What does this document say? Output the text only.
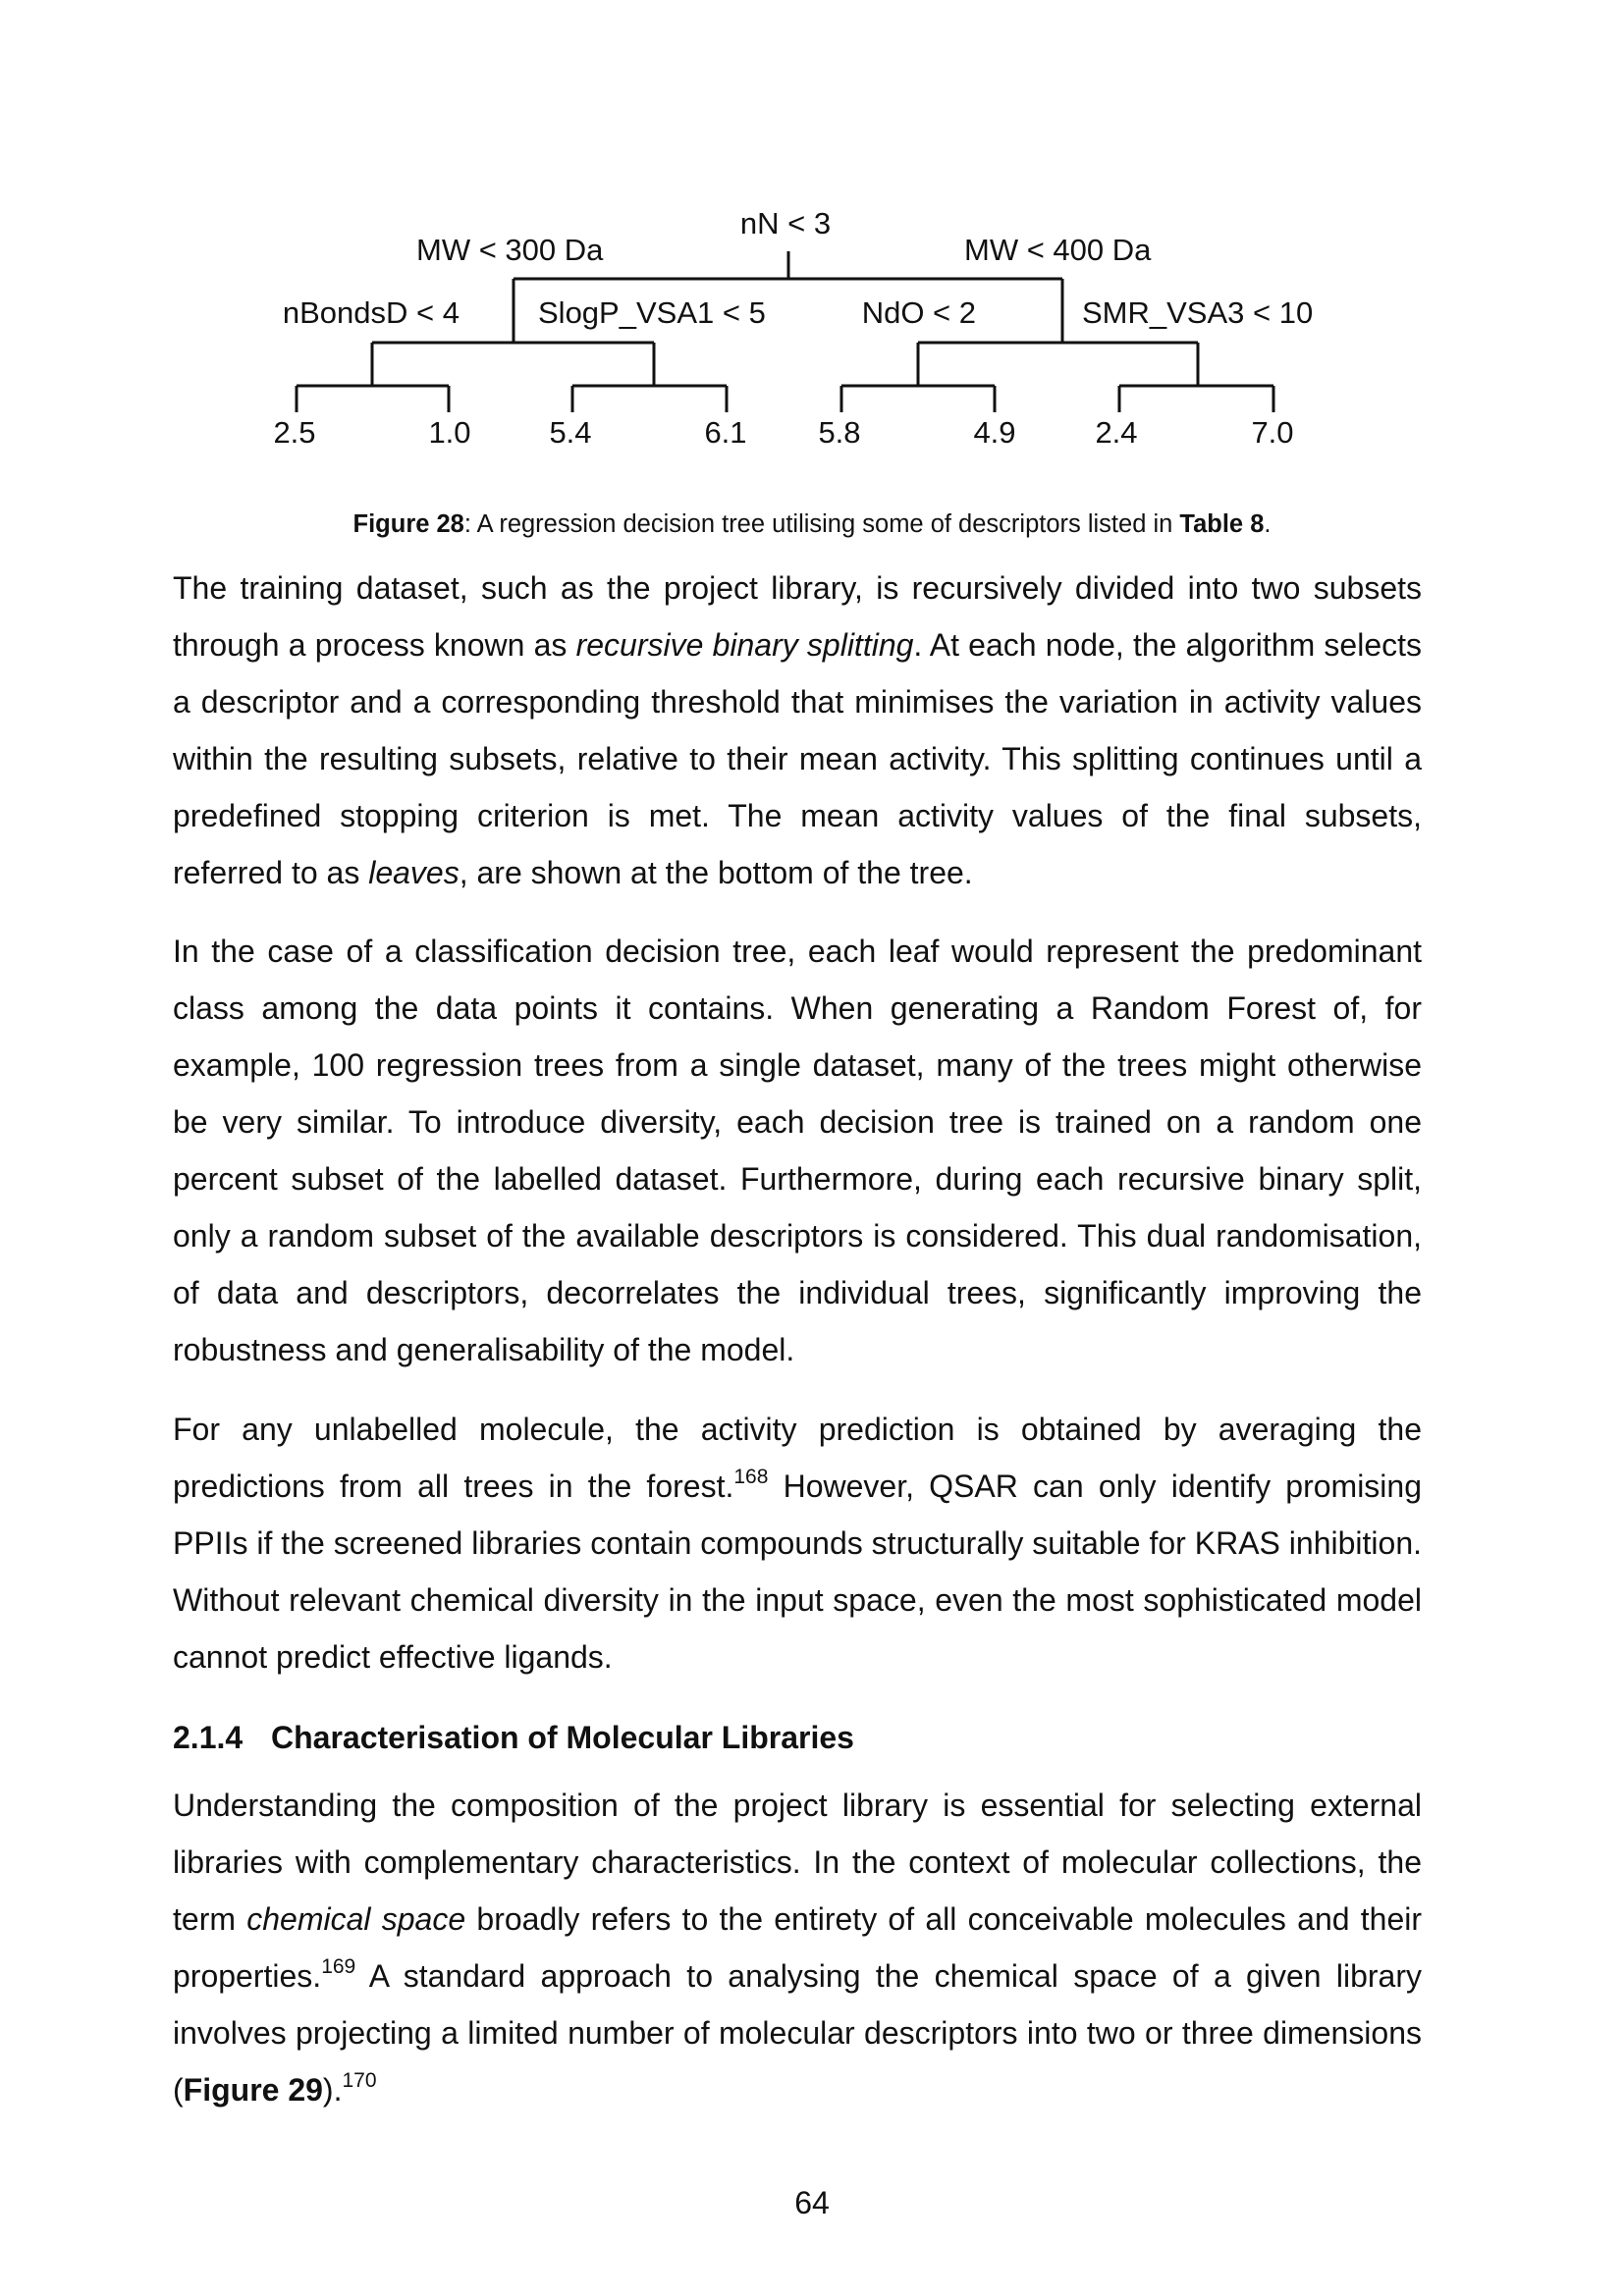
nN < 3
MW < 300 Da	MW < 400 Da
nBondsD < 4	SlogP_VSA1 < 5	NdO < 2	SMR_VSA3 < 10
2.5	1.0	5.4	6.1 5.8	4.9	2.4	7.0
Figure 28: A regression decision tree utilising some of descriptors listed in Table 8.

The training dataset, such as the project library, is recursively divided into two subsets through a process known as recursive binary splitting. At each node, the algorithm selects a descriptor and a corresponding threshold that minimises the variation in activity values within the resulting subsets, relative to their mean activity. This splitting continues until a predefined stopping criterion is met. The mean activity values of the final subsets, referred to as leaves, are shown at the bottom of the tree.

In the case of a classification decision tree, each leaf would represent the predominant class among the data points it contains. When generating a Random Forest of, for example, 100 regression trees from a single dataset, many of the trees might otherwise be very similar. To introduce diversity, each decision tree is trained on a random one percent subset of the labelled dataset. Furthermore, during each recursive binary split, only a random subset of the available descriptors is considered. This dual randomisation, of data and descriptors, decorrelates the individual trees, significantly improving the robustness and generalisability of the model.

For any unlabelled molecule, the activity prediction is obtained by averaging the predictions from all trees in the forest.$^{168}$ However, QSAR can only identify promising PPIIs if the screened libraries contain compounds structurally suitable for KRAS inhibition. Without relevant chemical diversity in the input space, even the most sophisticated model cannot predict effective ligands.

2.1.4 Characterisation of Molecular Libraries

Understanding the composition of the project library is essential for selecting external libraries with complementary characteristics. In the context of molecular collections, the term chemical space broadly refers to the entirety of all conceivable molecules and their properties.$^{169}$ A standard approach to analysing the chemical space of a given library involves projecting a limited number of molecular descriptors into two or three dimensions (Figure 29).$^{170}$

64
